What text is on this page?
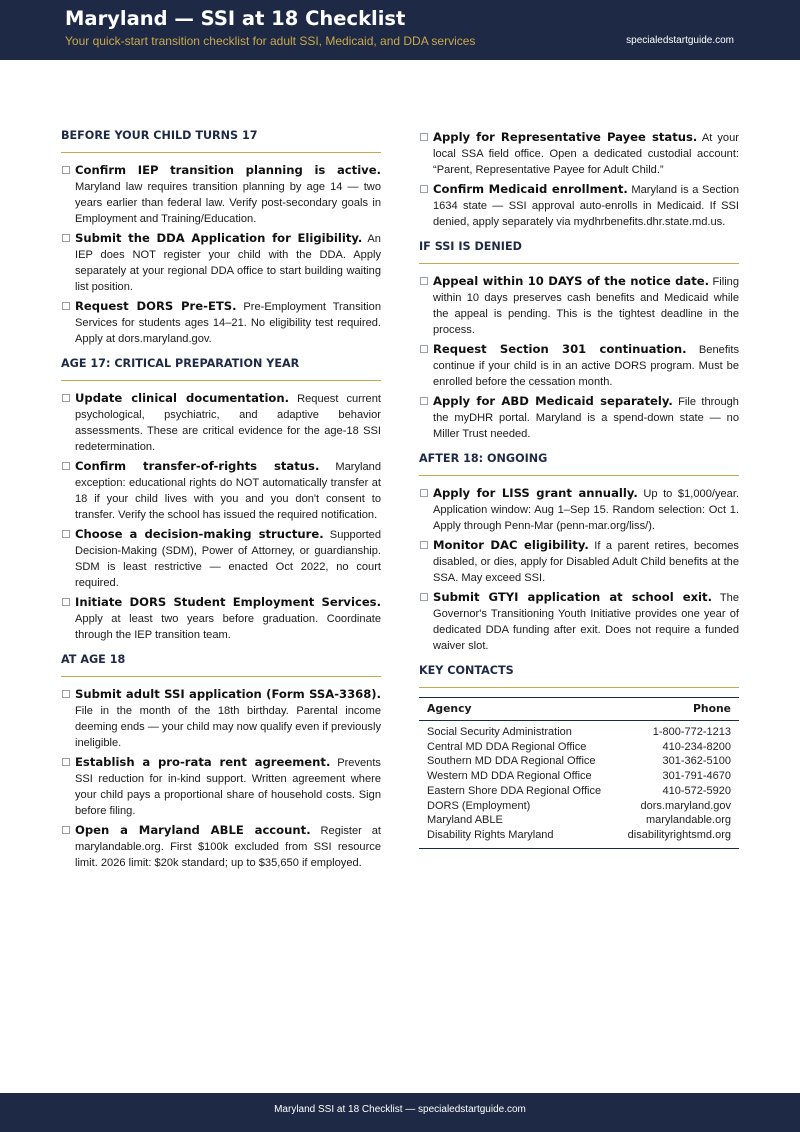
Maryland — SSI at 18 Checklist
Your quick-start transition checklist for adult SSI, Medicaid, and DDA services	specialedstartguide.com
BEFORE YOUR CHILD TURNS 17
Confirm IEP transition planning is active. Maryland law requires transition planning by age 14 — two years earlier than federal law. Verify post-secondary goals in Employment and Training/Education.
Submit the DDA Application for Eligibility. An IEP does NOT register your child with the DDA. Apply separately at your regional DDA office to start building waiting list position.
Request DORS Pre-ETS. Pre-Employment Transition Services for students ages 14–21. No eligibility test required. Apply at dors.maryland.gov.
AGE 17: CRITICAL PREPARATION YEAR
Update clinical documentation. Request current psychological, psychiatric, and adaptive behavior assessments. These are critical evidence for the age-18 SSI redetermination.
Confirm transfer-of-rights status. Maryland exception: educational rights do NOT automatically transfer at 18 if your child lives with you and you don't consent to transfer. Verify the school has issued the required notification.
Choose a decision-making structure. Supported Decision-Making (SDM), Power of Attorney, or guardianship. SDM is least restrictive — enacted Oct 2022, no court required.
Initiate DORS Student Employment Services. Apply at least two years before graduation. Coordinate through the IEP transition team.
AT AGE 18
Submit adult SSI application (Form SSA-3368). File in the month of the 18th birthday. Parental income deeming ends — your child may now qualify even if previously ineligible.
Establish a pro-rata rent agreement. Prevents SSI reduction for in-kind support. Written agreement where your child pays a proportional share of household costs. Sign before filing.
Open a Maryland ABLE account. Register at marylandable.org. First $100k excluded from SSI resource limit. 2026 limit: $20k standard; up to $35,650 if employed.
Apply for Representative Payee status. At your local SSA field office. Open a dedicated custodial account: “Parent, Representative Payee for Adult Child.”
Confirm Medicaid enrollment. Maryland is a Section 1634 state — SSI approval auto-enrolls in Medicaid. If SSI denied, apply separately via mydhrbenefits.dhr.state.md.us.
IF SSI IS DENIED
Appeal within 10 DAYS of the notice date. Filing within 10 days preserves cash benefits and Medicaid while the appeal is pending. This is the tightest deadline in the process.
Request Section 301 continuation. Benefits continue if your child is in an active DORS program. Must be enrolled before the cessation month.
Apply for ABD Medicaid separately. File through the myDHR portal. Maryland is a spend-down state — no Miller Trust needed.
AFTER 18: ONGOING
Apply for LISS grant annually. Up to $1,000/year. Application window: Aug 1–Sep 15. Random selection: Oct 1. Apply through Penn-Mar (penn-mar.org/liss/).
Monitor DAC eligibility. If a parent retires, becomes disabled, or dies, apply for Disabled Adult Child benefits at the SSA. May exceed SSI.
Submit GTYI application at school exit. The Governor's Transitioning Youth Initiative provides one year of dedicated DDA funding after exit. Does not require a funded waiver slot.
KEY CONTACTS
Agency	Phone
Social Security Administration	1-800-772-1213
Central MD DDA Regional Office	410-234-8200
Southern MD DDA Regional Office	301-362-5100
Western MD DDA Regional Office	301-791-4670
Eastern Shore DDA Regional Office	410-572-5920
DORS (Employment)	dors.maryland.gov
Maryland ABLE	marylandable.org
Disability Rights Maryland	disabilityrightsmd.org
Maryland SSI at 18 Checklist — specialedstartguide.com
